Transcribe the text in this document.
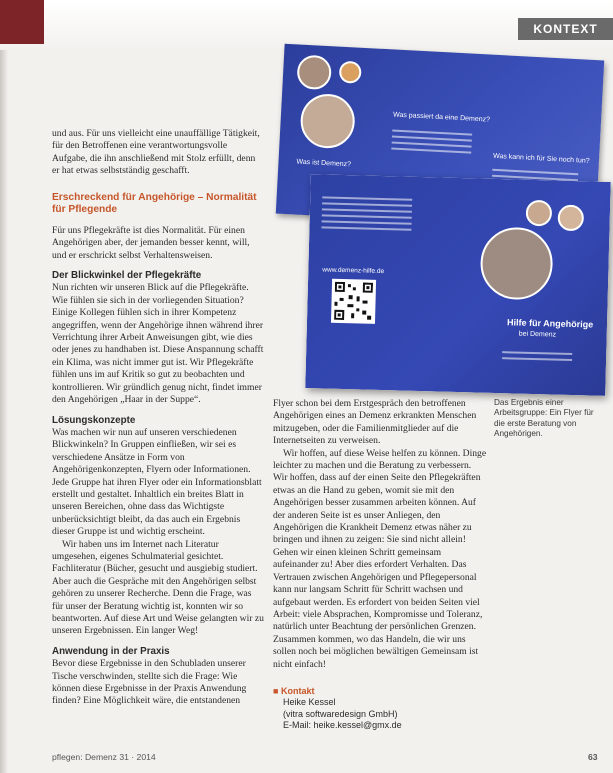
KONTEXT
Was ist Demenz?
Was passiert da eine Demenz?
Was kann ich für Sie noch tun?
www.demenz-hilfe.de
Hilfe für Angehörige
bei Demenz

und aus. Für uns vielleicht eine unauffällige Tätigkeit, für den Betroffenen eine verantwortungsvolle Aufgabe, die ihn anschließend mit Stolz erfüllt, denn er hat etwas selbstständig geschafft.

Erschreckend für Angehörige – Normalität für Pflegende

Für uns Pflegekräfte ist dies Normalität. Für einen Angehörigen aber, der jemanden besser kennt, will, und er erschrickt selbst Verhaltensweisen.

Der Blickwinkel der Pflegekräfte

Nun richten wir unseren Blick auf die Pflegekräfte. Wie fühlen sie sich in der vorliegenden Situation? Einige Kollegen fühlen sich in ihrer Kompetenz angegriffen, wenn der Angehörige ihnen während ihrer Verrichtung ihrer Arbeit Anweisungen gibt, wie dies oder jenes zu handhaben ist. Diese Anspannung schafft ein Klima, was nicht immer gut ist. Wir Pflegekräfte fühlen uns im auf Kritik so gut zu beobachten und kontrollieren. Wir gründlich genug nicht, findet immer den Angehörigen „Haar in der Suppe“.

Lösungskonzepte

Was machen wir nun auf unseren verschiedenen Blickwinkeln? In Gruppen einfließen, wir sei es verschiedene Ansätze in Form von Angehörigenkonzepten, Flyern oder Informationen. Jede Gruppe hat ihren Flyer oder ein Informationsblatt erstellt und gestaltet. Inhaltlich ein breites Blatt in unseren Bereichen, ohne dass das Wichtigste unberücksichtigt bleibt, da das auch ein Ergebnis dieser Gruppe ist und wichtig erscheint.

Wir haben uns im Internet nach Literatur umgesehen, eigenes Schulmaterial gesichtet. Fachliteratur (Bücher, gesucht und ausgiebig studiert. Aber auch die Gespräche mit den Angehörigen selbst gehören zu unserer Recherche. Denn die Frage, was für unser der Beratung wichtig ist, konnten wir so beantworten. Auf diese Art und Weise gelangten wir zu unseren Ergebnissen. Ein langer Weg!

Anwendung in der Praxis

Bevor diese Ergebnisse in den Schubladen unserer Tische verschwinden, stellte sich die Frage: Wie können diese Ergebnisse in der Praxis Anwendung finden? Eine Möglichkeit wäre, die entstandenen

Flyer schon bei dem Erstgespräch den betroffenen Angehörigen eines an Demenz erkrankten Menschen mitzugeben, oder die Familienmitglieder auf die Internetseiten zu verweisen.

Wir hoffen, auf diese Weise helfen zu können. Dinge leichter zu machen und die Beratung zu verbessern. Wir hoffen, dass auf der einen Seite den Pflegekräften etwas an die Hand zu geben, womit sie mit den Angehörigen besser zusammen arbeiten können. Auf der anderen Seite ist es unser Anliegen, den Angehörigen die Krankheit Demenz etwas näher zu bringen und ihnen zu zeigen: Sie sind nicht allein! Gehen wir einen kleinen Schritt gemeinsam aufeinander zu! Aber dies erfordert Verhalten. Das Vertrauen zwischen Angehörigen und Pflegepersonal kann nur langsam Schritt für Schritt wachsen und aufgebaut werden. Es erfordert von beiden Seiten viel Arbeit: viele Absprachen, Kompromisse und Toleranz, natürlich unter Beachtung der persönlichen Grenzen. Zusammen kommen, wo das Handeln, die wir uns sollen noch bei möglichen bewältigen Gemeinsam ist nicht einfach!

■ Kontakt
Heike Kessel
(vitra softwaredesign GmbH)
E-Mail: heike.kessel@gmx.de
Das Ergebnis einer Arbeitsgruppe: Ein Flyer für die erste Beratung von Angehörigen.
pflegen: Demenz 31 · 2014	63
